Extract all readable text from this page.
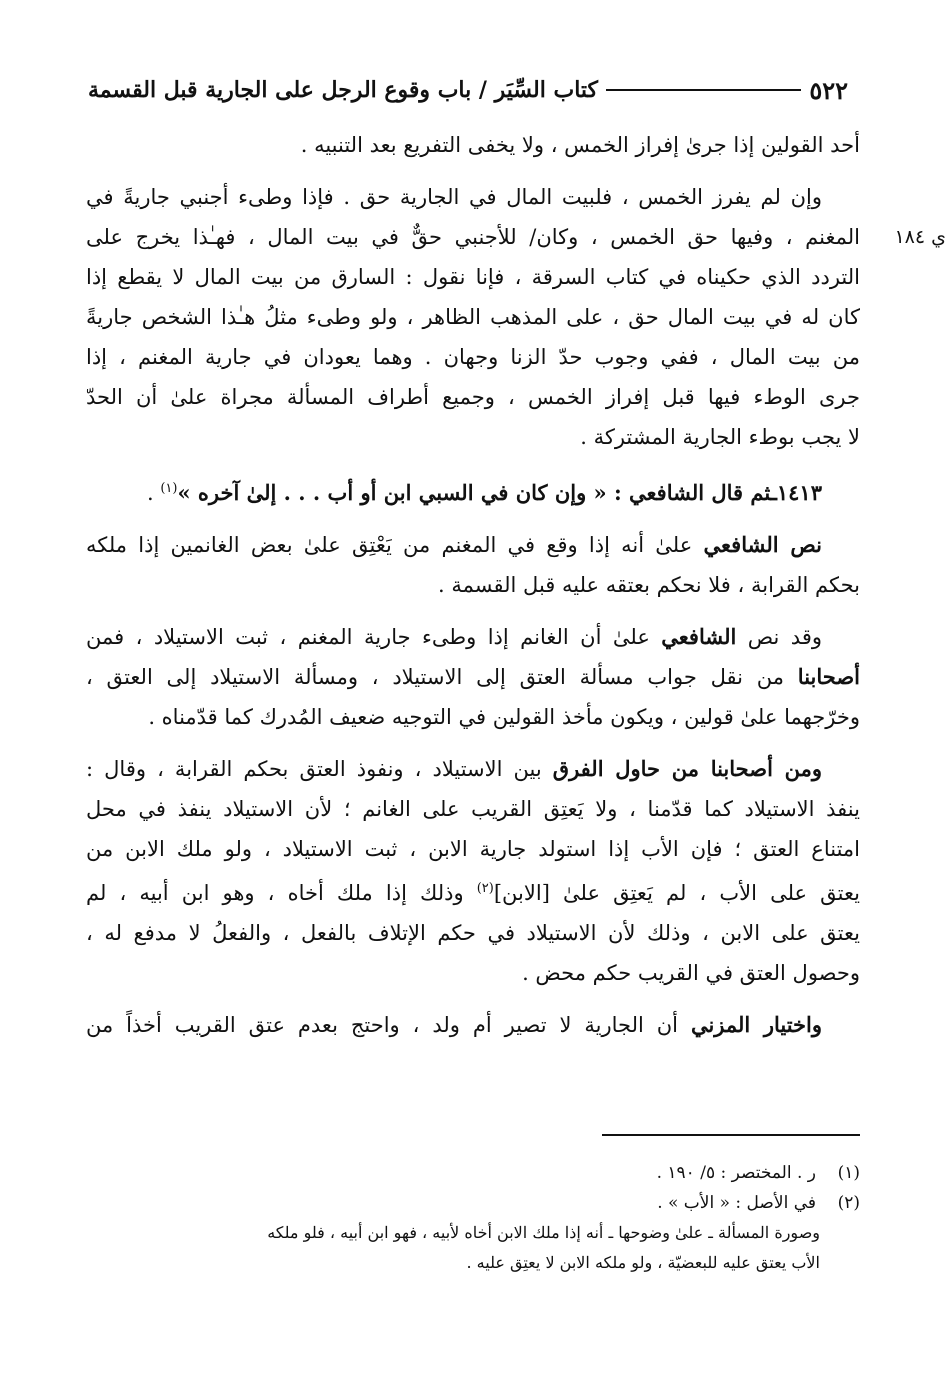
٥٢٢
كتاب السِّيَر / باب وقوع الرجل على الجارية قبل القسمة
ي ١٨٤

أحد القولين إذا جرىٰ إفراز الخمس ، ولا يخفى التفريع بعد التنبيه .

وإن لم يفرز الخمس ، فلبيت المال في الجارية حق . فإذا وطىء أجنبي جاريةً في
المغنم ، وفيها حق الخمس ، وكان/ للأجنبي حقٌّ في بيت المال ، فهـٰذا يخرج على
التردد الذي حكيناه في كتاب السرقة ، فإنا نقول : السارق من بيت المال لا يقطع إذا
كان له في بيت المال حق ، على المذهب الظاهر ، ولو وطىء مثلُ هـٰذا الشخص جاريةً
من بيت المال ، ففي وجوب حدّ الزنا وجهان . وهما يعودان في جارية المغنم ، إذا
جرى الوطء فيها قبل إفراز الخمس ، وجميع أطراف المسألة مجراة علىٰ أن الحدّ
لا يجب بوطء الجارية المشتركة .

١٤١٣ـثم قال الشافعي : « وإن كان في السبي ابن أو أب . . . إلىٰ آخره »$^{(١)}$ .

نص الشافعي علىٰ أنه إذا وقع في المغنم من يَعْتِق علىٰ بعض الغانمين إذا ملكه
بحكم القرابة ، فلا نحكم بعتقه عليه قبل القسمة .

وقد نص الشافعي علىٰ أن الغانم إذا وطىء جارية المغنم ، ثبت الاستيلاد ، فمن
أصحابنا من نقل جواب مسألة العتق إلى الاستيلاد ، ومسألة الاستيلاد إلى العتق ،
وخرّجهما علىٰ قولين ، ويكون مأخذ القولين في التوجيه ضعيف المُدرك كما قدّمناه .

ومن أصحابنا من حاول الفرق بين الاستيلاد ، ونفوذ العتق بحكم القرابة ، وقال :
ينفذ الاستيلاد كما قدّمنا ، ولا يَعتِق القريب على الغانم ؛ لأن الاستيلاد ينفذ في محل
امتناع العتق ؛ فإن الأب إذا استولد جارية الابن ، ثبت الاستيلاد ، ولو ملك الابن من
يعتق على الأب ، لم يَعتِق علىٰ [الابن]$^{(٢)}$ وذلك إذا ملك أخاه ، وهو ابن أبيه ، لم
يعتق على الابن ، وذلك لأن الاستيلاد في حكم الإتلاف بالفعل ، والفعلُ لا مدفع له ،
وحصول العتق في القريب حكم محض .

واختيار المزني أن الجارية لا تصير أم ولد ، واحتج بعدم عتق القريب أخذاً من

(١)ر . المختصر : ٥/ ١٩٠ .
(٢)في الأصل : « الأب » .
وصورة المسألة ـ علىٰ وضوحها ـ أنه إذا ملك الابن أخاه لأبيه ، فهو ابن أبيه ، فلو ملكه
الأب يعتق عليه للبعضيّة ، ولو ملكه الابن لا يعتِق عليه .
